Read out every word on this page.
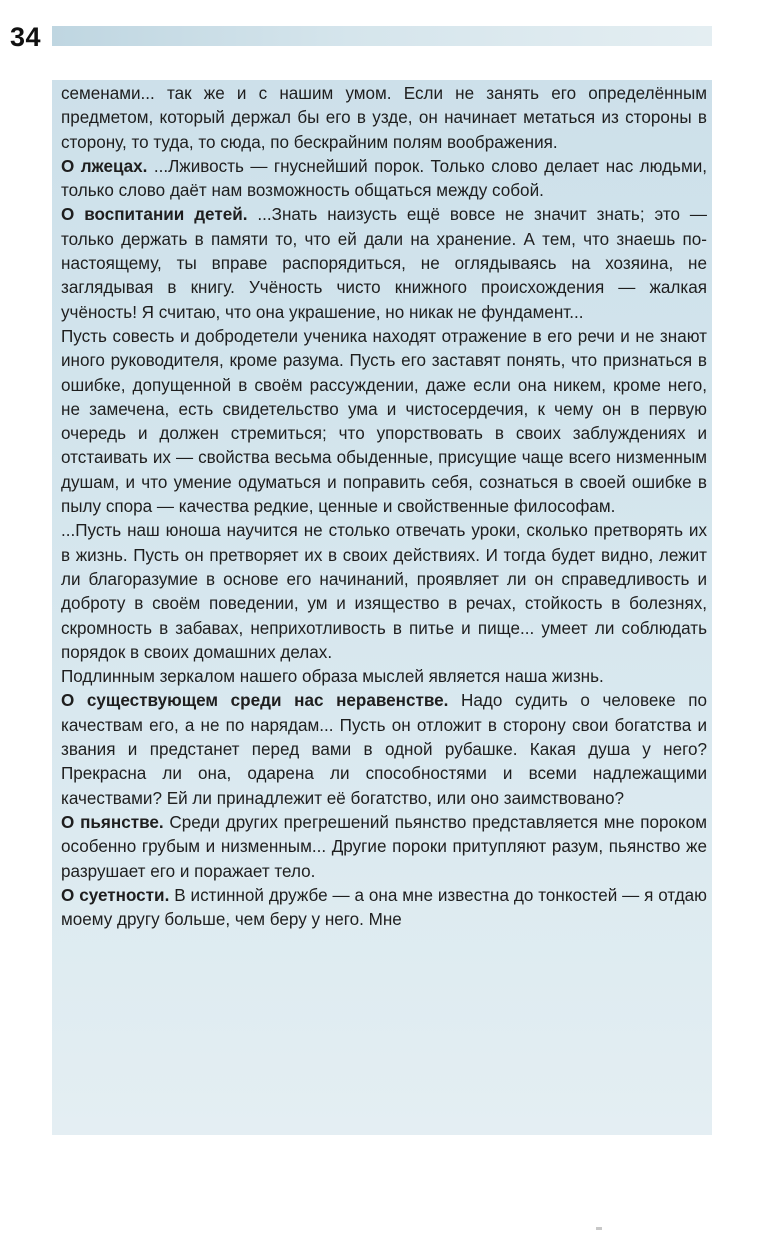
34

семенами... так же и с нашим умом. Если не занять его определённым предметом, который держал бы его в узде, он начинает метаться из стороны в сторону, то туда, то сюда, по бескрайним полям воображения.

О лжецах. ...Лживость — гнуснейший порок. Только слово делает нас людьми, только слово даёт нам возможность общаться между собой.

О воспитании детей. ...Знать наизусть ещё вовсе не значит знать; это — только держать в памяти то, что ей дали на хранение. А тем, что знаешь по-настоящему, ты вправе распорядиться, не оглядываясь на хозяина, не заглядывая в книгу. Учёность чисто книжного происхождения — жалкая учёность! Я считаю, что она украшение, но никак не фундамент...

Пусть совесть и добродетели ученика находят отражение в его речи и не знают иного руководителя, кроме разума. Пусть его заставят понять, что признаться в ошибке, допущенной в своём рассуждении, даже если она никем, кроме него, не замечена, есть свидетельство ума и чистосердечия, к чему он в первую очередь и должен стремиться; что упорствовать в своих заблуждениях и отстаивать их — свойства весьма обыденные, присущие чаще всего низменным душам, и что умение одуматься и поправить себя, сознаться в своей ошибке в пылу спора — качества редкие, ценные и свойственные философам.

...Пусть наш юноша научится не столько отвечать уроки, сколько претворять их в жизнь. Пусть он претворяет их в своих действиях. И тогда будет видно, лежит ли благоразумие в основе его начинаний, проявляет ли он справедливость и доброту в своём поведении, ум и изящество в речах, стойкость в болезнях, скромность в забавах, неприхотливость в питье и пище... умеет ли соблюдать порядок в своих домашних делах.

Подлинным зеркалом нашего образа мыслей является наша жизнь.

О существующем среди нас неравенстве. Надо судить о человеке по качествам его, а не по нарядам... Пусть он отложит в сторону свои богатства и звания и предстанет перед вами в одной рубашке. Какая душа у него? Прекрасна ли она, одарена ли способностями и всеми надлежащими качествами? Ей ли принадлежит её богатство, или оно заимствовано?

О пьянстве. Среди других прегрешений пьянство представляется мне пороком особенно грубым и низменным... Другие пороки притупляют разум, пьянство же разрушает его и поражает тело.

О суетности. В истинной дружбе — а она мне известна до тонкостей — я отдаю моему другу больше, чем беру у него. Мне
